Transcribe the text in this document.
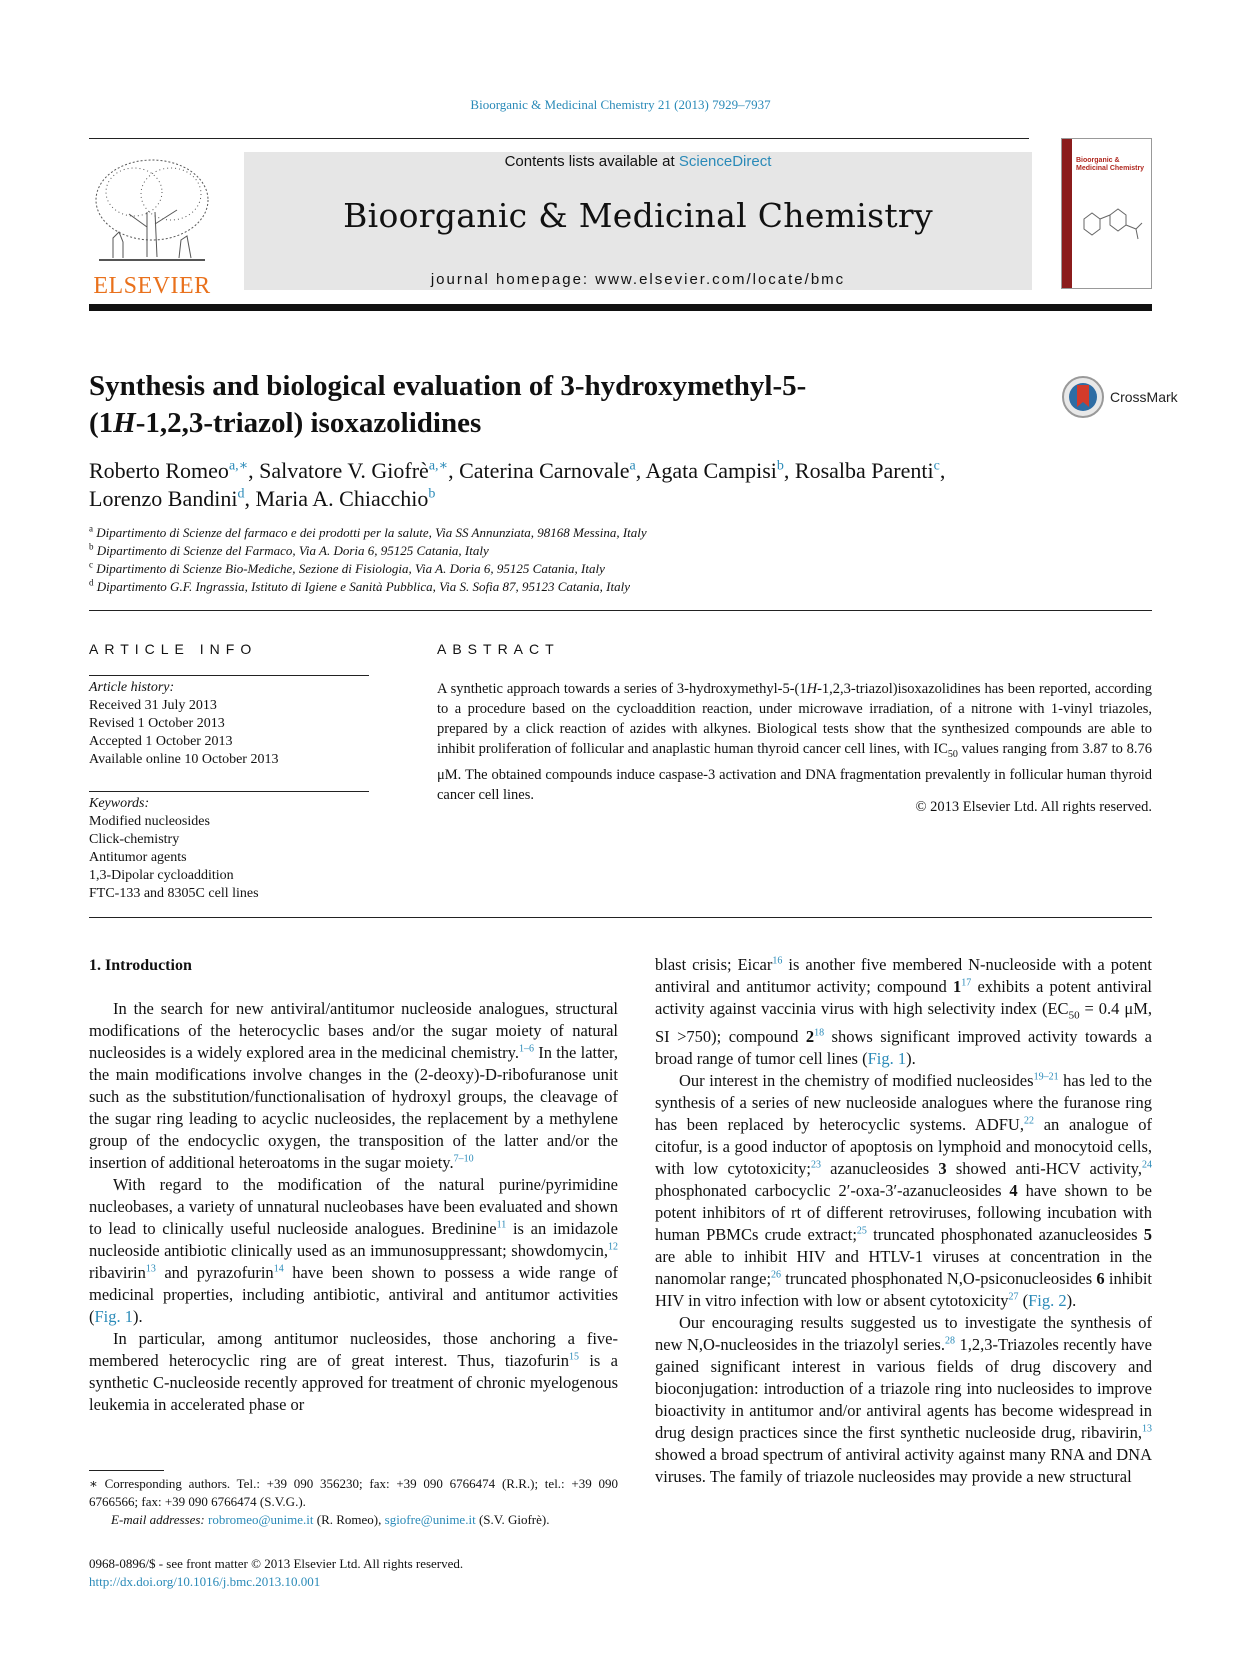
Bioorganic & Medicinal Chemistry 21 (2013) 7929–7937
ELSEVIER
Contents lists available at ScienceDirect
Bioorganic & Medicinal Chemistry
journal homepage: www.elsevier.com/locate/bmc
Bioorganic & Medicinal Chemistry
Synthesis and biological evaluation of 3-hydroxymethyl-5-
(1H-1,2,3-triazol) isoxazolidines
CrossMark
Roberto Romeo$^{a,∗}$, Salvatore V. Giofrè$^{a,∗}$, Caterina Carnovale$^a$, Agata Campisi$^b$, Rosalba Parenti$^c$,
Lorenzo Bandini$^d$, Maria A. Chiacchio$^b$
$^a$ Dipartimento di Scienze del farmaco e dei prodotti per la salute, Via SS Annunziata, 98168 Messina, Italy
$^b$ Dipartimento di Scienze del Farmaco, Via A. Doria 6, 95125 Catania, Italy
$^c$ Dipartimento di Scienze Bio-Mediche, Sezione di Fisiologia, Via A. Doria 6, 95125 Catania, Italy
$^d$ Dipartimento G.F. Ingrassia, Istituto di Igiene e Sanità Pubblica, Via S. Sofia 87, 95123 Catania, Italy
ARTICLE INFO	ABSTRACT
Article history:
Received 31 July 2013
Revised 1 October 2013
Accepted 1 October 2013
Available online 10 October 2013
Keywords:
Modified nucleosides
Click-chemistry
Antitumor agents
1,3-Dipolar cycloaddition
FTC-133 and 8305C cell lines
A synthetic approach towards a series of 3-hydroxymethyl-5-(1H-1,2,3-triazol)isoxazolidines has been reported, according to a procedure based on the cycloaddition reaction, under microwave irradiation, of a nitrone with 1-vinyl triazoles, prepared by a click reaction of azides with alkynes. Biological tests show that the synthesized compounds are able to inhibit proliferation of follicular and anaplastic human thyroid cancer cell lines, with $IC_{50}$ values ranging from 3.87 to 8.76 μM. The obtained compounds induce caspase-3 activation and DNA fragmentation prevalently in follicular human thyroid cancer cell lines.
© 2013 Elsevier Ltd. All rights reserved.
1. Introduction

In the search for new antiviral/antitumor nucleoside analogues, structural modifications of the heterocyclic bases and/or the sugar moiety of natural nucleosides is a widely explored area in the medicinal chemistry.$^{1-6}$ In the latter, the main modifications involve changes in the (2-deoxy)-D-ribofuranose unit such as the substitution/functionalisation of hydroxyl groups, the cleavage of the sugar ring leading to acyclic nucleosides, the replacement by a methylene group of the endocyclic oxygen, the transposition of the latter and/or the insertion of additional heteroatoms in the sugar moiety.$^{7-10}$

With regard to the modification of the natural purine/pyrimidine nucleobases, a variety of unnatural nucleobases have been evaluated and shown to lead to clinically useful nucleoside analogues. Bredinine$^{11}$ is an imidazole nucleoside antibiotic clinically used as an immunosuppressant; showdomycin,$^{12}$ ribavirin$^{13}$ and pyrazofurin$^{14}$ have been shown to possess a wide range of medicinal properties, including antibiotic, antiviral and antitumor activities (Fig. 1).

In particular, among antitumor nucleosides, those anchoring a five-membered heterocyclic ring are of great interest. Thus, tiazofurin$^{15}$ is a synthetic C-nucleoside recently approved for treatment of chronic myelogenous leukemia in accelerated phase or

blast crisis; Eicar$^{16}$ is another five membered N-nucleoside with a potent antiviral and antitumor activity; compound $1^{17}$ exhibits a potent antiviral activity against vaccinia virus with high selectivity index ($EC_{50} = 0.4$ μM, SI >750); compound $2^{18}$ shows significant improved activity towards a broad range of tumor cell lines (Fig. 1).

Our interest in the chemistry of modified nucleosides$^{19-21}$ has led to the synthesis of a series of new nucleoside analogues where the furanose ring has been replaced by heterocyclic systems. ADFU,$^{22}$ an analogue of citofur, is a good inductor of apoptosis on lymphoid and monocytoid cells, with low cytotoxicity;$^{23}$ azanucleosides 3 showed anti-HCV activity,$^{24}$ phosphonated carbocyclic 2′-oxa-3′-azanucleosides 4 have shown to be potent inhibitors of rt of different retroviruses, following incubation with human PBMCs crude extract;$^{25}$ truncated phosphonated azanucleosides 5 are able to inhibit HIV and HTLV-1 viruses at concentration in the nanomolar range;$^{26}$ truncated phosphonated N,O-psiconucleosides 6 inhibit HIV in vitro infection with low or absent cytotoxicity$^{27}$ (Fig. 2).

Our encouraging results suggested us to investigate the synthesis of new N,O-nucleosides in the triazolyl series.$^{28}$ 1,2,3-Triazoles recently have gained significant interest in various fields of drug discovery and bioconjugation: introduction of a triazole ring into nucleosides to improve bioactivity in antitumor and/or antiviral agents has become widespread in drug design practices since the first synthetic nucleoside drug, ribavirin,$^{13}$ showed a broad spectrum of antiviral activity against many RNA and DNA viruses. The family of triazole nucleosides may provide a new structural

∗ Corresponding authors. Tel.: +39 090 356230; fax: +39 090 6766474 (R.R.); tel.: +39 090 6766566; fax: +39 090 6766474 (S.V.G.).
E-mail addresses: robromeo@unime.it (R. Romeo), sgiofre@unime.it (S.V. Giofrè).
0968-0896/$ - see front matter © 2013 Elsevier Ltd. All rights reserved.
http://dx.doi.org/10.1016/j.bmc.2013.10.001
